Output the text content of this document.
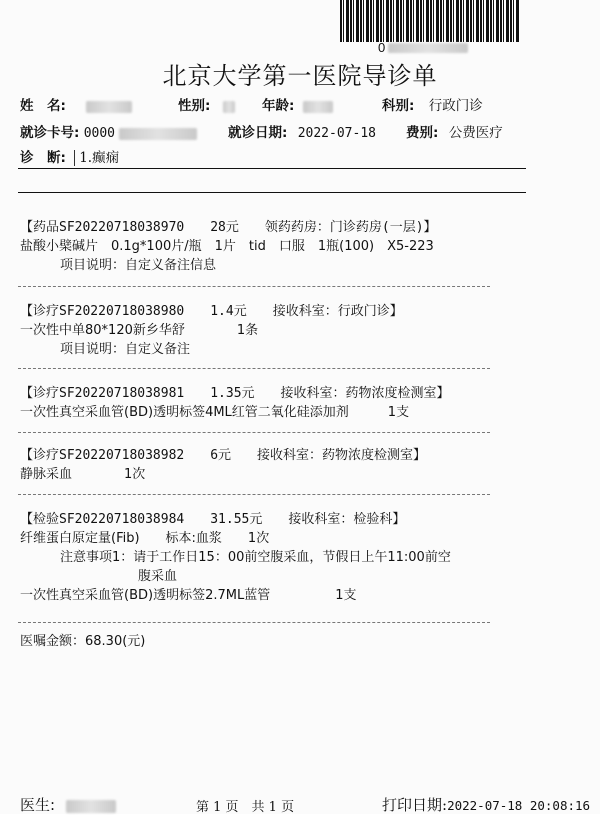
0
北京大学第一医院导诊单
姓　名:	性别:	年龄:	科别: 行政门诊
就诊卡号: 0000	就诊日期: 2022-07-18 费别: 公费医疗
诊　断: 1.癫痫
【药品SF20220718038970　　28元　　领药药房：门诊药房(一层)】
盐酸小檗碱片　0.1g*100片/瓶　1片　tid　口服　1瓶(100)　X5-223
项目说明：自定义备注信息
【诊疗SF20220718038980　　1.4元　　接收科室：行政门诊】
一次性中单80*120新乡华舒　　　　1条
项目说明：自定义备注
【诊疗SF20220718038981　　1.35元　　接收科室：药物浓度检测室】
一次性真空采血管(BD)透明标签4ML红管二氧化硅添加剂　　　1支
【诊疗SF20220718038982　　6元　　接收科室：药物浓度检测室】
静脉采血　　　　1次
【检验SF20220718038984　　31.55元　　接收科室：检验科】
纤维蛋白原定量(Fib)　　标本:血浆　　1次
注意事项1：请于工作日15：00前空腹采血，节假日上午11:00前空
　　　　　　腹采血
一次性真空采血管(BD)透明标签2.7ML蓝管　　　　　1支
医嘱金额：68.30(元)
医生:	第 1 页　共 1 页	打印日期:2022-07-18 20:08:16
